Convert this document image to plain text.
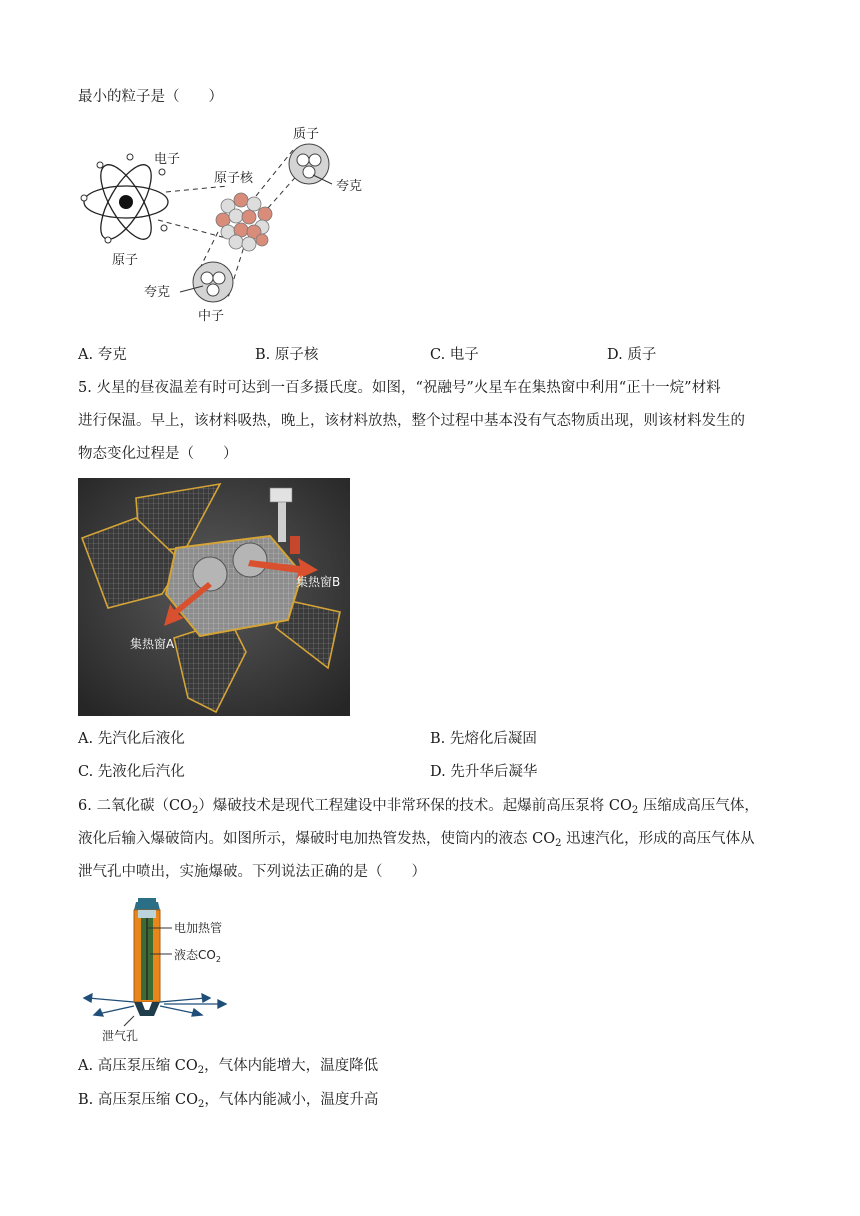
最小的粒子是（　　）
电子
原子核
质子
夸克
原子
夸克
中子
A. 夸克	B. 原子核	C. 电子	D. 质子
5. 火星的昼夜温差有时可达到一百多摄氏度。如图，“祝融号”火星车在集热窗中利用“正十一烷”材料
进行保温。早上，该材料吸热，晚上，该材料放热，整个过程中基本没有气态物质出现，则该材料发生的
物态变化过程是（　　）
集热窗B
集热窗A
A. 先汽化后液化	B. 先熔化后凝固
C. 先液化后汽化	D. 先升华后凝华
6. 二氧化碳$(CO_2)$爆破技术是现代工程建设中非常环保的技术。起爆前高压泵将 $CO_2$ 压缩成高压气体，
液化后输入爆破筒内。如图所示，爆破时电加热管发热，使筒内的液态 $CO_2$ 迅速汽化，形成的高压气体从
泄气孔中喷出，实施爆破。下列说法正确的是（　　）
电加热管
液态$CO_2$
泄气孔
A. 高压泵压缩 $CO_2$，气体内能增大，温度降低
B. 高压泵压缩 $CO_2$，气体内能减小，温度升高
